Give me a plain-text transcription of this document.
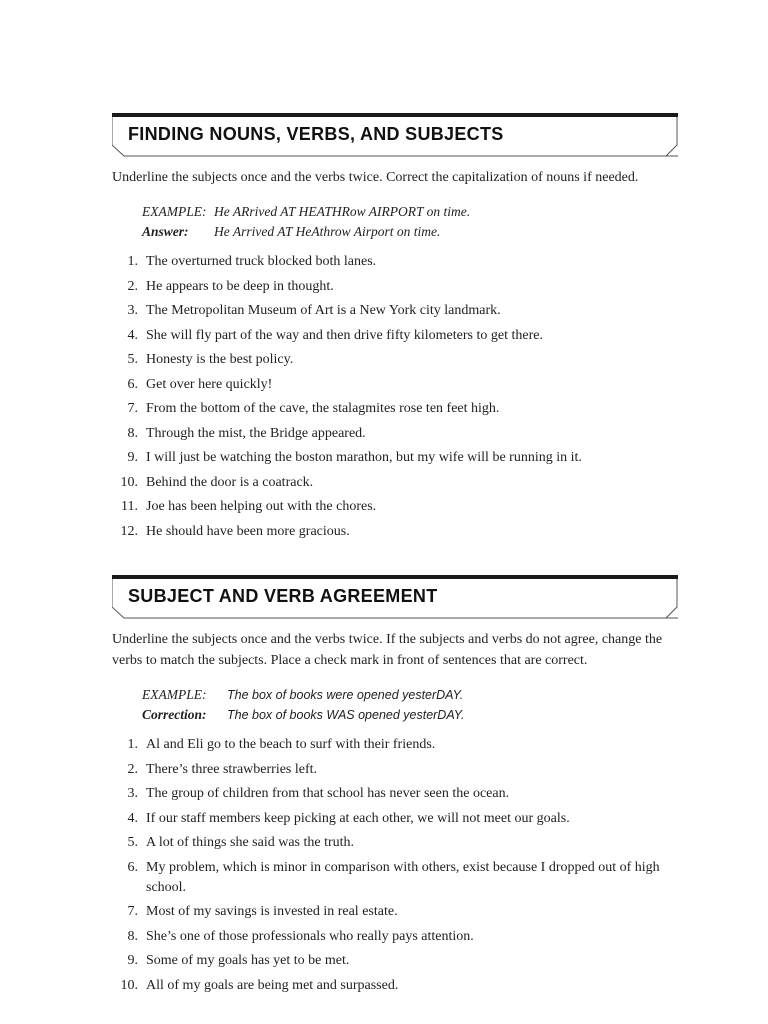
FINDING NOUNS, VERBS, AND SUBJECTS

Underline the subjects once and the verbs twice. Correct the capitalization of nouns if needed.

EXAMPLE: He ARrived AT HEATHRow AIRPORT on time.
Answer:	He Arrived AT HeAthrow Airport on time.
1. The overturned truck blocked both lanes.
2. He appears to be deep in thought.
3. The Metropolitan Museum of Art is a New York city landmark.
4. She will fly part of the way and then drive fifty kilometers to get there.
5. Honesty is the best policy.
6. Get over here quickly!
7. From the bottom of the cave, the stalagmites rose ten feet high.
8. Through the mist, the Bridge appeared.
9. I will just be watching the boston marathon, but my wife will be running in it.
10. Behind the door is a coatrack.
11. Joe has been helping out with the chores.
12. He should have been more gracious.
SUBJECT AND VERB AGREEMENT

Underline the subjects once and the verbs twice. If the subjects and verbs do not agree, change the verbs to match the subjects. Place a check mark in front of sentences that are correct.

EXAMPLE:	The box of books were opened yesterDAY.
Correction:	The box of books WAS opened yesterDAY.
1. Al and Eli go to the beach to surf with their friends.
2. There’s three strawberries left.
3. The group of children from that school has never seen the ocean.
4. If our staff members keep picking at each other, we will not meet our goals.
5. A lot of things she said was the truth.
6. My problem, which is minor in comparison with others, exist because I dropped out of high school.
7. Most of my savings is invested in real estate.
8. She’s one of those professionals who really pays attention.
9. Some of my goals has yet to be met.
10. All of my goals are being met and surpassed.
